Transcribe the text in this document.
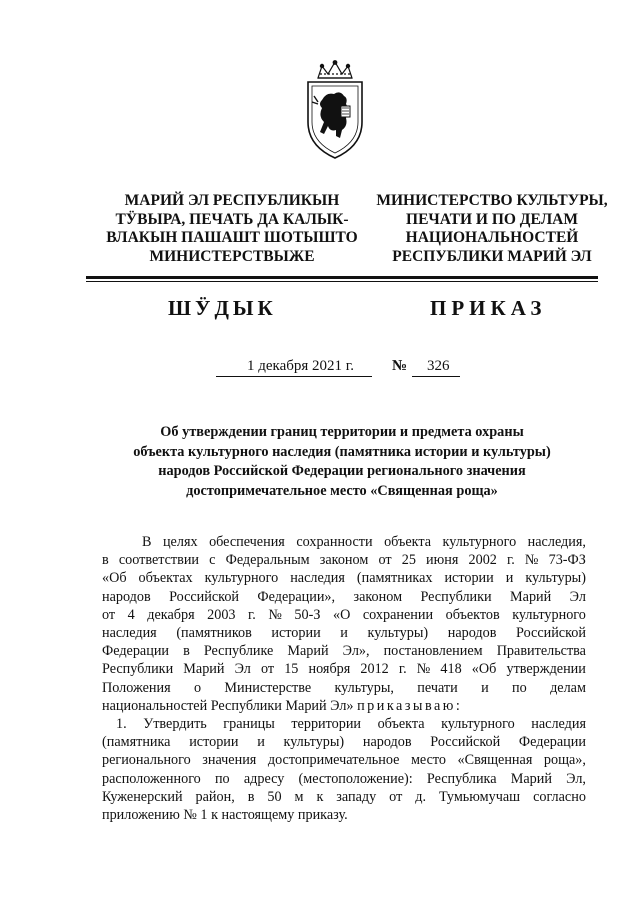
МАРИЙ ЭЛ РЕСПУБЛИКЫН
ТӰВЫРА, ПЕЧАТЬ ДА КАЛЫК-
ВЛАКЫН ПАШАШТ ШОТЫШТО
МИНИСТЕРСТВЫЖЕ
МИНИСТЕРСТВО КУЛЬТУРЫ,
ПЕЧАТИ И ПО ДЕЛАМ
НАЦИОНАЛЬНОСТЕЙ
РЕСПУБЛИКИ МАРИЙ ЭЛ
ШӰДЫК	ПРИКАЗ
1 декабря 2021 г.	№ 326
Об утверждении границ территории и предмета охраны
объекта культурного наследия (памятника истории и культуры)
народов Российской Федерации регионального значения
достопримечательное место «Священная роща»
В целях обеспечения сохранности объекта культурного наследия,
в соответствии с Федеральным законом от 25 июня 2002 г. № 73-ФЗ
«Об объектах культурного наследия (памятниках истории и культуры)
народов Российской Федерации», законом Республики Марий Эл
от 4 декабря 2003 г. № 50-З «О сохранении объектов культурного
наследия (памятников истории и культуры) народов Российской
Федерации в Республике Марий Эл», постановлением Правительства
Республики Марий Эл от 15 ноября 2012 г. № 418 «Об утверждении
Положения о Министерстве культуры, печати и по делам
национальностей Республики Марий Эл»
приказываю:
1. Утвердить границы территории объекта культурного наследия
(памятника истории и культуры) народов Российской Федерации
регионального значения достопримечательное место «Священная роща»,
расположенного по адресу (местоположение): Республика Марий Эл,
Куженерский район, в 50 м к западу от д. Тумьюмучаш согласно
приложению № 1 к настоящему приказу.
